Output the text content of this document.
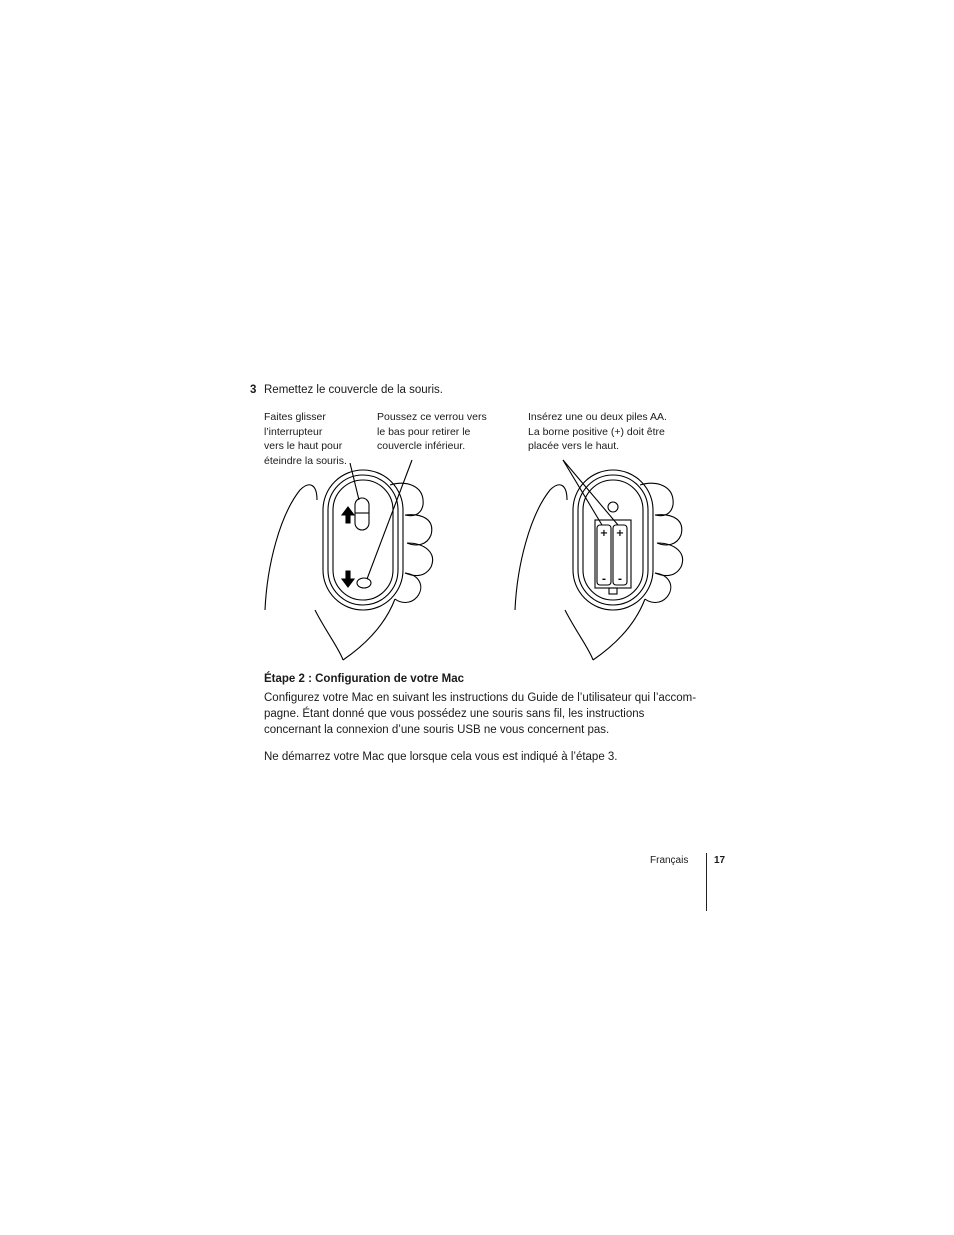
3 Remettez le couvercle de la souris.
Faites glisser
l’interrupteur
vers le haut pour
éteindre la souris.
Poussez ce verrou vers
le bas pour retirer le
couvercle inférieur.
Insérez une ou deux piles AA.
La borne positive (+) doit être
placée vers le haut.
+ +
- -
Étape 2 : Configuration de votre Mac
Configurez votre Mac en suivant les instructions du Guide de l’utilisateur qui l’accom-pagne. Étant donné que vous possédez une souris sans fil, les instructions concernant la connexion d’une souris USB ne vous concernent pas.
Ne démarrez votre Mac que lorsque cela vous est indiqué à l’étape 3.
Français	17
